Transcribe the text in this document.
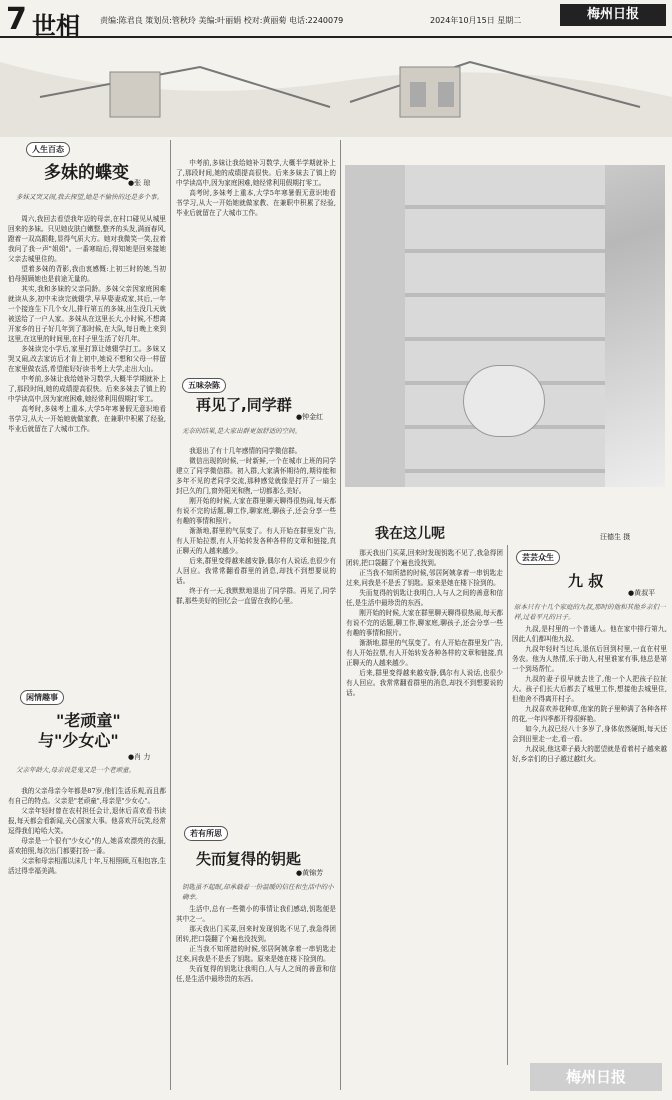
7 世相	责编:陈君良 策划员:管秋玲 美编:叶丽娟 校对:黄丽菊 电话:2240079	2024年10月15日 星期二	梅州日报
人生百态
多妹的蝶变 ●张 琼
多妹又哭又闹,我去探望,她是不愉快的还是多个事。

周六,我回去看望我年迈的母亲,在村口碰见从城里回来的多妹。只见她皮肤白嫩整,整齐的头发,满面春风,蹬着一双高跟鞋,显得气质大方。她对我微笑一笑,拉着我问了我一声"姐姐"。一番寒暄后,得知她是回来接她父亲去城里住的。

望着多妹的背影,我由衷感慨:上初三时的她,当初伯母照顾她也是前途无量的。

其实,我和多妹的父亲同龄。多妹父亲因家庭困难就读从多,初中未读完就辍学,早早娶妻成家,其后,一年一个接连生下几个女儿,排行第五的多妹,出生没几天就被送给了一户人家。多妹从在这里长大,小时候,不想离开家乡的日子好几年到了那时候,在大队,每日晚上来到这里,在这里的时间里,在村子里生活了好几年。

多妹读完小学后,家里打算让她辍学打工。多妹又哭又闹,改去家访后才肯上初中,她说不想和父母一样留在家里做农活,希望能好好读书考上大学,走出大山。

中考前,多妹让我给她补习数学,大概半学期就补上了,那段时间,她的成绩提高很快。后来多妹去了镇上的中学读高中,因为家庭困难,她经常利用假期打零工。

高考时,多妹考上重本,大学5年寒暑假无意识地看书学习,从大一开始她就做家教、在兼职中积累了经验,毕业后就留在了大城市工作。

闲情趣事
"老顽童"
与"少女心"
●肖 力
父亲年龄大,母亲说是鬼又是一个老顽童。

我的父亲母亲今年都是87岁,他们生活乐观,而且都有自己的特点。父亲是"老顽童",母亲是"少女心"。

父亲年轻时曾在农村担任会计,退休后喜欢看书读报,每天都会看新闻,关心国家大事。他喜欢开玩笑,经常逗得我们哈哈大笑。

母亲是一个很有"少女心"的人,她喜欢漂亮的衣服,喜欢拍照,每次出门都要打扮一番。

父亲和母亲相濡以沫几十年,互相照顾,互相包容,生活过得幸福美满。

中考前,多妹让我给她补习数学,大概半学期就补上了,那段时间,她的成绩提高很快。后来多妹去了镇上的中学读高中,因为家庭困难,她经常利用假期打零工。

高考时,多妹考上重本,大学5年寒暑假无意识地看书学习,从大一开始她就做家教、在兼职中积累了经验,毕业后就留在了大城市工作。

五味杂陈
再见了,同学群
●钟金红
无奈的结果,是大家出群更加舒适的空间。

我退出了有十几年感情的同学微信群。

微信出现的时候,一时新鲜,一个在城市上班的同学建立了同学微信群。初入群,大家满怀期待的,期待能和多年不见的老同学交流,那种感觉就像是打开了一扇尘封已久的门,窗外阳光和煦,一切都那么美好。

刚开始的时候,大家在群里聊天聊得很热闹,每天都有说不完的话题,聊工作,聊家庭,聊孩子,还会分享一些有趣的事情和照片。

渐渐地,群里的气氛变了。有人开始在群里发广告,有人开始拉票,有人开始转发各种各样的文章和链接,真正聊天的人越来越少。

后来,群里变得越来越安静,偶尔有人说话,也很少有人回应。我常常翻看群里的消息,却找不到想要说的话。

终于有一天,我默默地退出了同学群。再见了,同学群,那些美好的回忆会一直留在我的心里。

若有所思
失而复得的钥匙
●黄锦芳
钥匙虽不起眼,却承载着一份温暖的信任和生活中的小确幸。

生活中,总有一些微小的事情让我们感动,钥匙便是其中之一。

那天我出门买菜,回来时发现钥匙不见了,我急得团团转,把口袋翻了个遍也没找到。

正当我不知所措的时候,邻居阿姨拿着一串钥匙走过来,问我是不是丢了钥匙。原来是她在楼下捡到的。

失而复得的钥匙让我明白,人与人之间的善意和信任,是生活中最珍贵的东西。

我在这儿呢	汪德生 摄

那天我出门买菜,回来时发现钥匙不见了,我急得团团转,把口袋翻了个遍也没找到。

正当我不知所措的时候,邻居阿姨拿着一串钥匙走过来,问我是不是丢了钥匙。原来是她在楼下捡到的。

失而复得的钥匙让我明白,人与人之间的善意和信任,是生活中最珍贵的东西。

刚开始的时候,大家在群里聊天聊得很热闹,每天都有说不完的话题,聊工作,聊家庭,聊孩子,还会分享一些有趣的事情和照片。

渐渐地,群里的气氛变了。有人开始在群里发广告,有人开始拉票,有人开始转发各种各样的文章和链接,真正聊天的人越来越少。

后来,群里变得越来越安静,偶尔有人说话,也很少有人回应。我常常翻看群里的消息,却找不到想要说的话。

芸芸众生
九 叔
●黄叔平
原本只有十几个家庭的九叔,那时的他和其他乡亲们一样,过着平凡的日子。

九叔,是村里的一个普通人。他在家中排行第九,因此人们都叫他九叔。

九叔年轻时当过兵,退伍后回到村里,一直在村里务农。他为人热情,乐于助人,村里谁家有事,他总是第一个到场帮忙。

九叔的妻子很早就去世了,他一个人把孩子拉扯大。孩子们长大后都去了城里工作,想接他去城里住,但他舍不得离开村子。

九叔喜欢养花种草,他家的院子里种满了各种各样的花,一年四季都开得很鲜艳。

如今,九叔已经八十多岁了,身体依然硬朗,每天还会到田里走一走,看一看。

九叔说,他这辈子最大的愿望就是看着村子越来越好,乡亲们的日子越过越红火。

梅州日报
